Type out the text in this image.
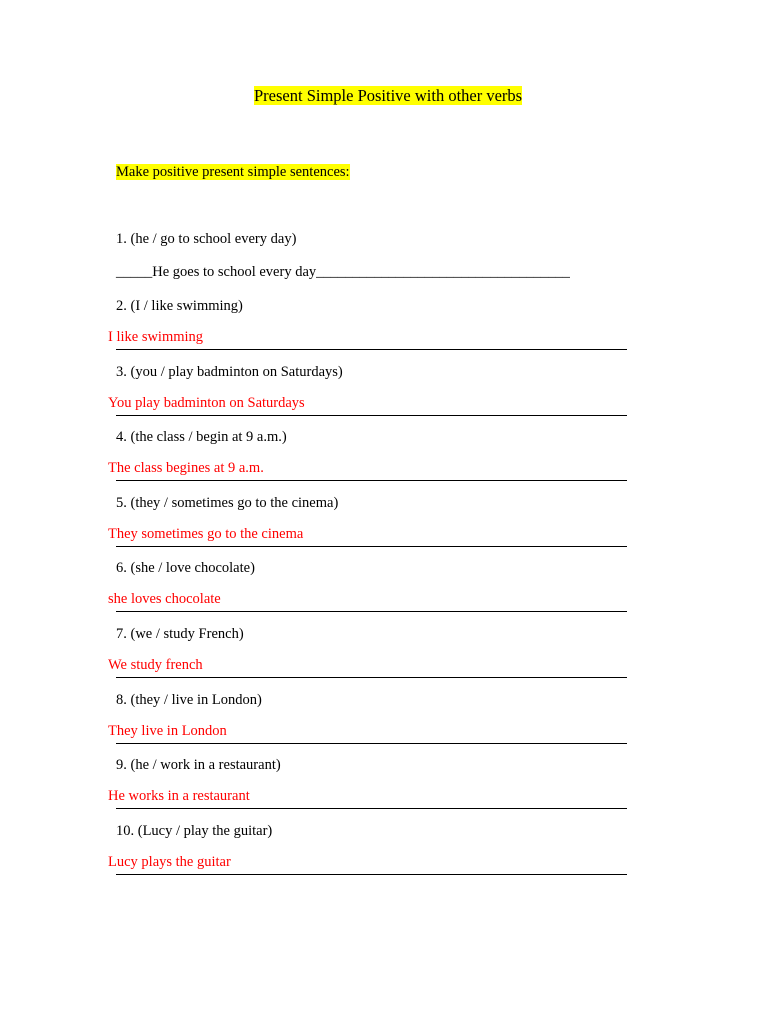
Present Simple Positive with other verbs
Make positive present simple sentences:
1. (he / go to school every day)
_____He goes to school every day___________________________________
2. (I / like swimming)
I like swimming
3. (you / play badminton on Saturdays)
You play badminton on Saturdays
4. (the class / begin at 9 a.m.)
The class begines at 9 a.m.
5. (they / sometimes go to the cinema)
They sometimes go to the cinema
6. (she / love chocolate)
she loves chocolate
7. (we / study French)
We study french
8. (they / live in London)
They live in London
9. (he / work in a restaurant)
He works in a restaurant
10. (Lucy / play the guitar)
Lucy plays the guitar
